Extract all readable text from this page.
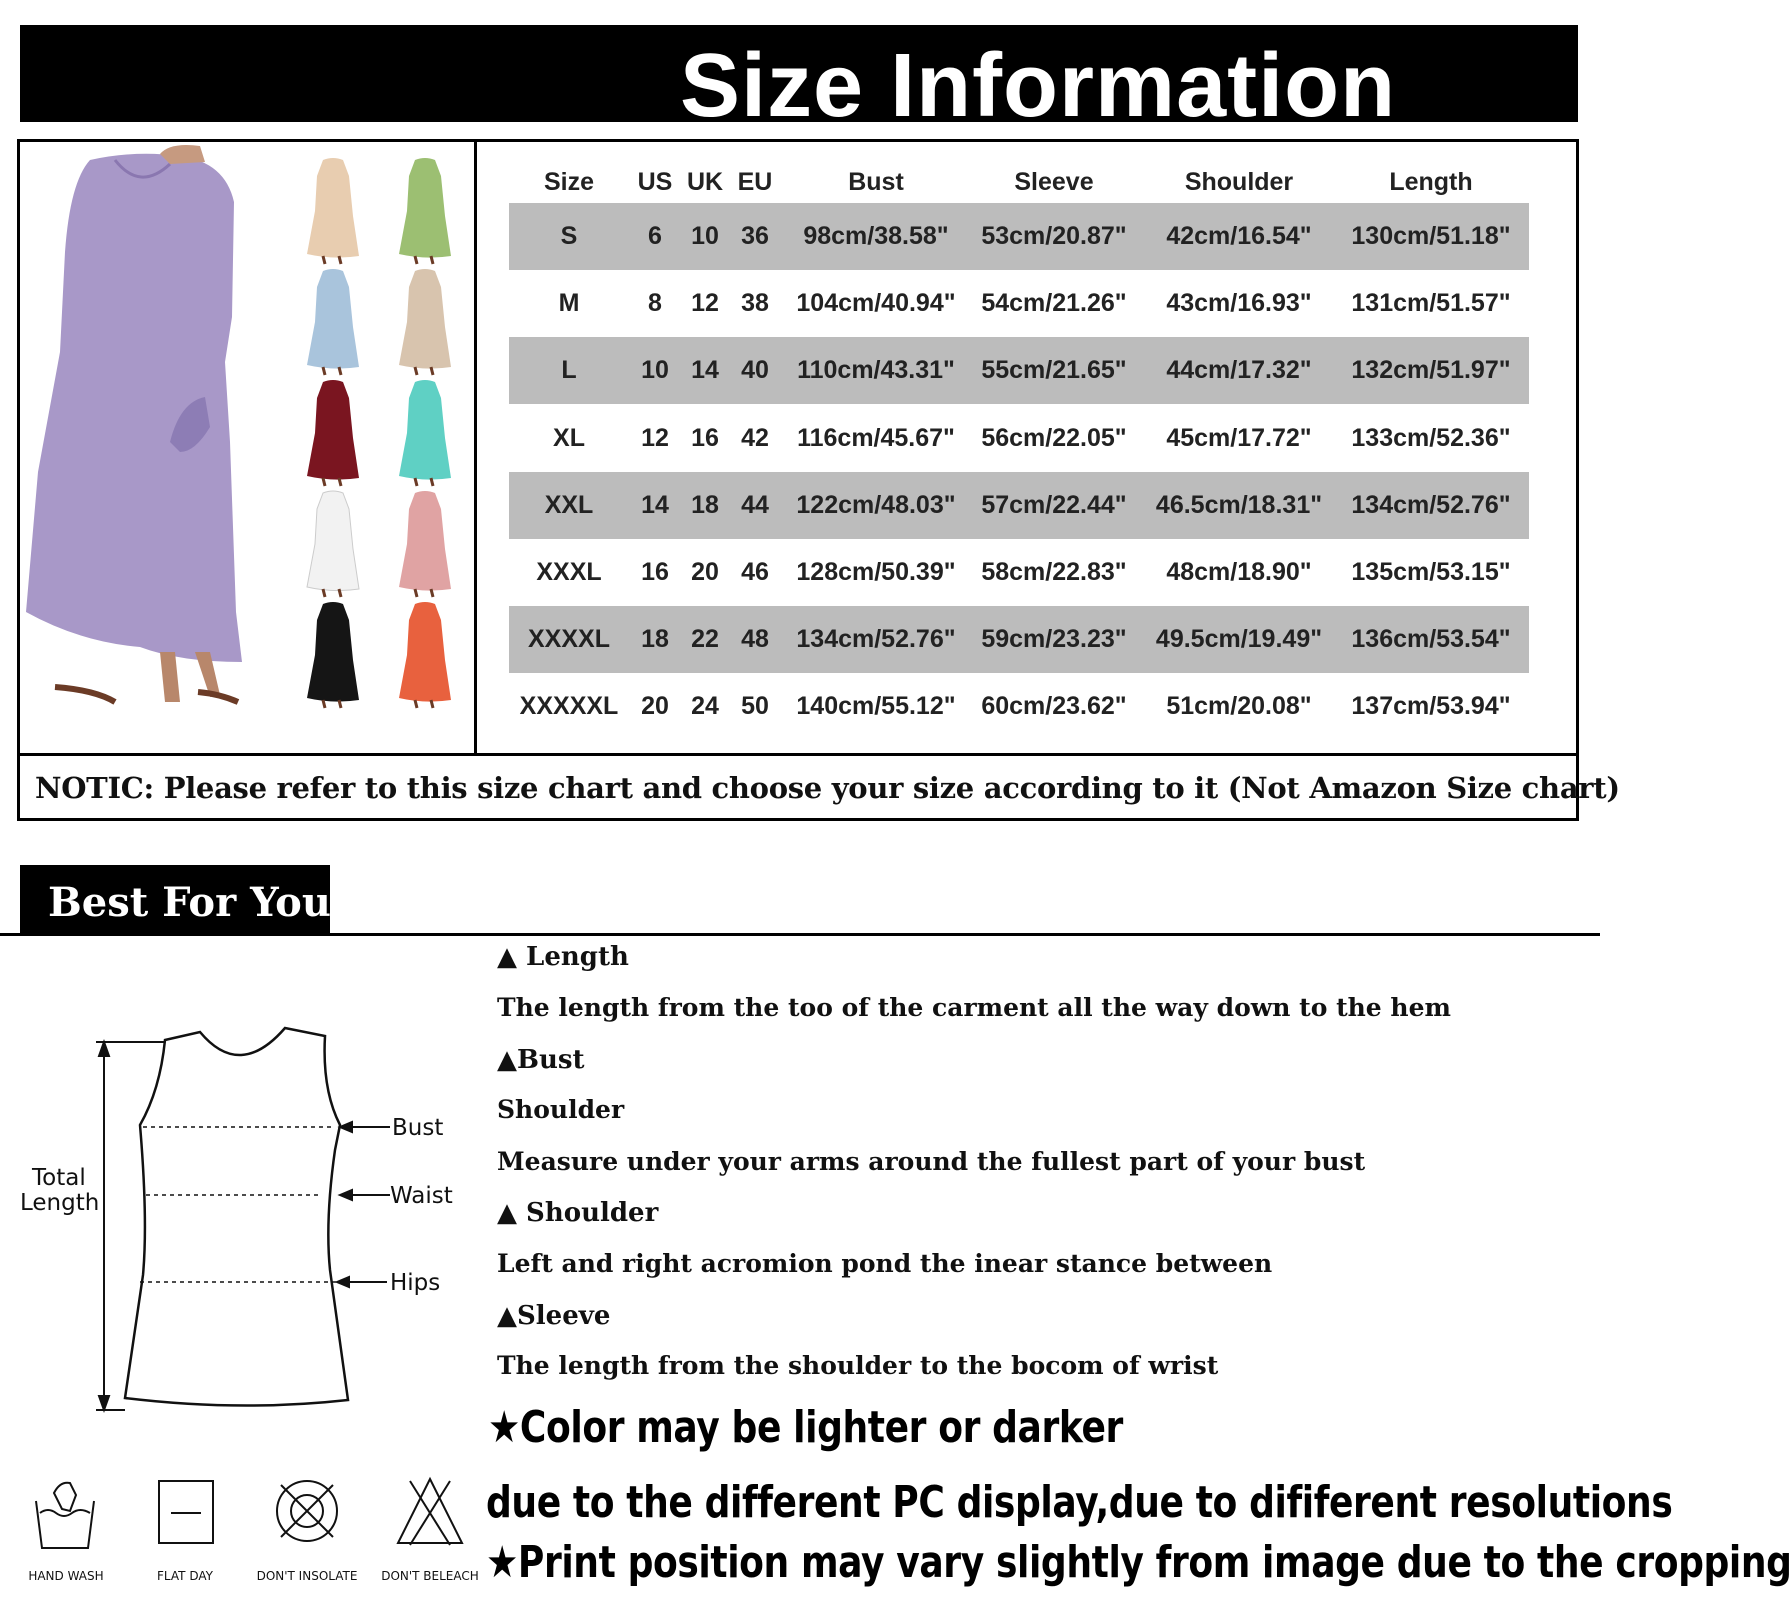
Size Information
NOTIC: Please refer to this size chart and choose your size according to it (Not Amazon Size chart)
Size	US UK EU	Bust	Sleeve	Shoulder	Length
S	6	10 36	98cm/38.58"	53cm/20.87"	42cm/16.54"	130cm/51.18"
M	8	12 38	104cm/40.94"	54cm/21.26"	43cm/16.93"	131cm/51.57"
L	10 14 40	110cm/43.31"	55cm/21.65"	44cm/17.32"	132cm/51.97"
XL	12 16 42	116cm/45.67"	56cm/22.05"	45cm/17.72"	133cm/52.36"
XXL	14 18 44	122cm/48.03"	57cm/22.44"	46.5cm/18.31"	134cm/52.76"
XXXL	16 20 46	128cm/50.39"	58cm/22.83"	48cm/18.90"	135cm/53.15"
XXXXL	18 22 48	134cm/52.76"	59cm/23.23"	49.5cm/19.49"	136cm/53.54"
XXXXXL 20 24 50	140cm/55.12"	60cm/23.62"	51cm/20.08"	137cm/53.94"
Best For You
Total
Length
Bust
Waist
Hips
▲ Length
The length from the too of the carment all the way down to the hem
▲Bust
Shoulder
Measure under your arms around the fullest part of your bust
▲ Shoulder
Left and right acromion pond the inear stance between
▲Sleeve
The length from the shoulder to the bocom of wrist
★Color may be lighter or darker
due to the different PC display,due to dififerent resolutions
★Print position may vary slightly from image due to the cropping
HAND WASH	FLAT DAY	DON'T INSOLATE	DON'T BELEACH
